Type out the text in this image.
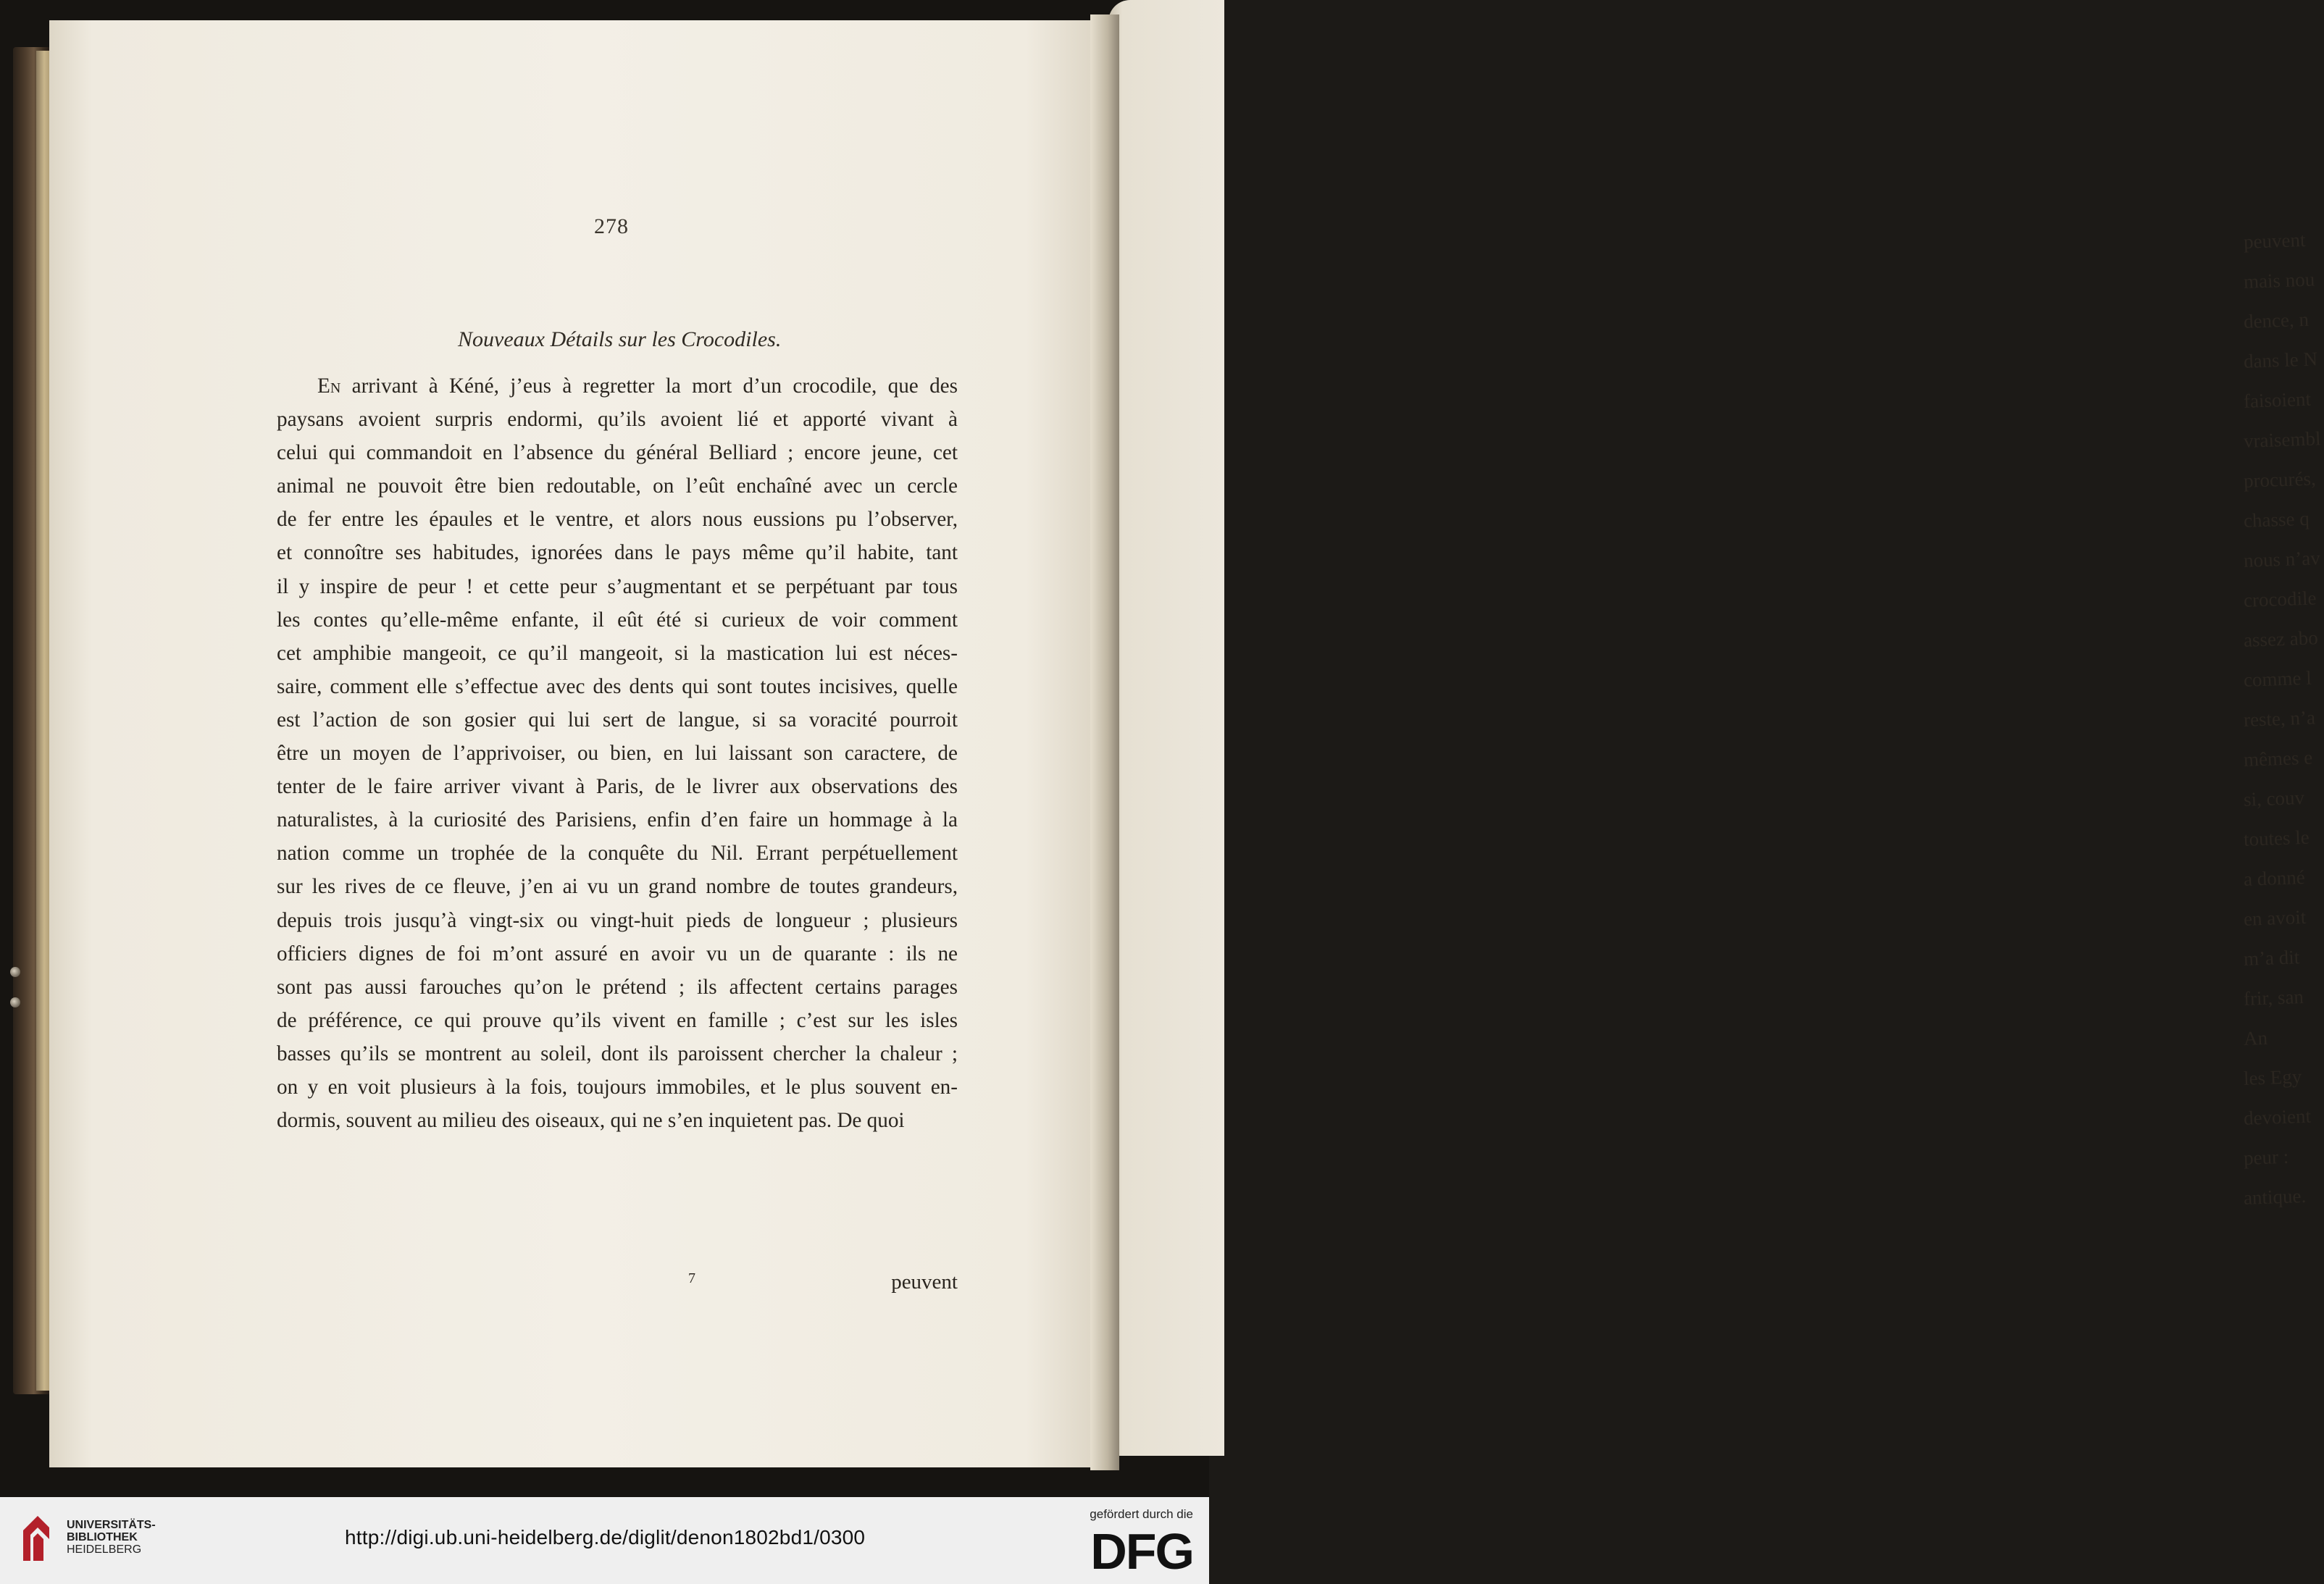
peuvent
mais nou
dence, n
dans le N
faisoient
vraisembl
procurés,
chasse q
nous n’av
crocodile
assez abo
comme l
reste, n’a
mêmes e
si, couv
toutes le
a donné
en avoit
m’a dit
frir, san
An
les Egy
devoient
peur :
antique.
278
Nouveaux Détails sur les Crocodiles.
En arrivant à Kéné, j’eus à regretter la mort d’un crocodile, que des
paysans avoient surpris endormi, qu’ils avoient lié et apporté vivant à
celui qui commandoit en l’absence du général Belliard ; encore jeune, cet
animal ne pouvoit être bien redoutable, on l’eût enchaîné avec un cercle
de fer entre les épaules et le ventre, et alors nous eussions pu l’observer,
et connoître ses habitudes, ignorées dans le pays même qu’il habite, tant
il y inspire de peur ! et cette peur s’augmentant et se perpétuant par tous
les contes qu’elle-même enfante, il eût été si curieux de voir comment
cet amphibie mangeoit, ce qu’il mangeoit, si la mastication lui est néces-
saire, comment elle s’effectue avec des dents qui sont toutes incisives, quelle
est l’action de son gosier qui lui sert de langue, si sa voracité pourroit
être un moyen de l’apprivoiser, ou bien, en lui laissant son caractere, de
tenter de le faire arriver vivant à Paris, de le livrer aux observations des
naturalistes, à la curiosité des Parisiens, enfin d’en faire un hommage à la
nation comme un trophée de la conquête du Nil. Errant perpétuellement
sur les rives de ce fleuve, j’en ai vu un grand nombre de toutes grandeurs,
depuis trois jusqu’à vingt-six ou vingt-huit pieds de longueur ; plusieurs
officiers dignes de foi m’ont assuré en avoir vu un de quarante : ils ne
sont pas aussi farouches qu’on le prétend ; ils affectent certains parages
de préférence, ce qui prouve qu’ils vivent en famille ; c’est sur les isles
basses qu’ils se montrent au soleil, dont ils paroissent chercher la chaleur ;
on y en voit plusieurs à la fois, toujours immobiles, et le plus souvent en-
dormis, souvent au milieu des oiseaux, qui ne s’en inquietent pas. De quoi
7	peuvent
UNIVERSITÄTS-
BIBLIOTHEK
HEIDELBERG
http://digi.ub.uni-heidelberg.de/diglit/denon1802bd1/0300
gefördert durch die
DFG
